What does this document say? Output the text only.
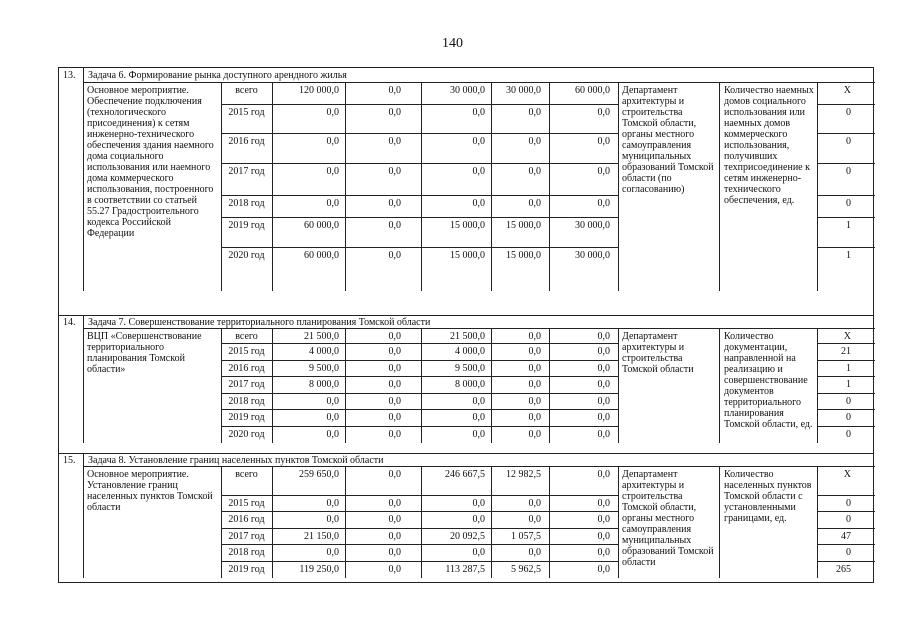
140
13.	Задача 6. Формирование рынка доступного арендного жилья
Основное мероприятие. Обеспечение подключения (технологического присоединения) к сетям инженерно-технического обеспечения здания наемного дома социального использования или наемного дома коммерческого использования, построенного в соответствии со статьей 55.27 Градостроительного кодекса Российской Федерации
Департамент архитектуры и строительства Томской области, органы местного самоуправления муниципальных образований Томской области (по согласованию)
Количество наемных домов социального использования или наемных домов коммерческого использования, получивших техприсоединение к сетям инженерно-технического обеспечения, ед.
всего	120 000,0	0,0	30 000,0	30 000,0	60 000,0	Х
2015 год	0,0	0,0	0,0	0,0	0,0	0
2016 год	0,0	0,0	0,0	0,0	0,0	0
2017 год	0,0	0,0	0,0	0,0	0,0	0
2018 год	0,0	0,0	0,0	0,0	0,0	0
2019 год	60 000,0	0,0	15 000,0	15 000,0	30 000,0	1
2020 год	60 000,0	0,0	15 000,0	15 000,0	30 000,0	1
14.	Задача 7. Совершенствование территориального планирования Томской области
ВЦП «Совершенствование территориального планирования Томской области»
Департамент архитектуры и строительства Томской области
Количество документации, направленной на реализацию и совершенствование документов территориального планирования Томской области, ед.
всего	21 500,0	0,0	21 500,0	0,0	0,0	Х
2015 год	4 000,0	0,0	4 000,0	0,0	0,0	21
2016 год	9 500,0	0,0	9 500,0	0,0	0,0	1
2017 год	8 000,0	0,0	8 000,0	0,0	0,0	1
2018 год	0,0	0,0	0,0	0,0	0,0	0
2019 год	0,0	0,0	0,0	0,0	0,0	0
2020 год	0,0	0,0	0,0	0,0	0,0	0
15.	Задача 8. Установление границ населенных пунктов Томской области
Основное мероприятие. Установление границ населенных пунктов Томской области
Департамент архитектуры и строительства Томской области, органы местного самоуправления муниципальных образований Томской области
Количество населенных пунктов Томской области с установленными границами, ед.
всего	259 650,0	0,0	246 667,5	12 982,5	0,0	Х
2015 год	0,0	0,0	0,0	0,0	0,0	0
2016 год	0,0	0,0	0,0	0,0	0,0	0
2017 год	21 150,0	0,0	20 092,5	1 057,5	0,0	47
2018 год	0,0	0,0	0,0	0,0	0,0	0
2019 год	119 250,0	0,0	113 287,5	5 962,5	0,0	265
